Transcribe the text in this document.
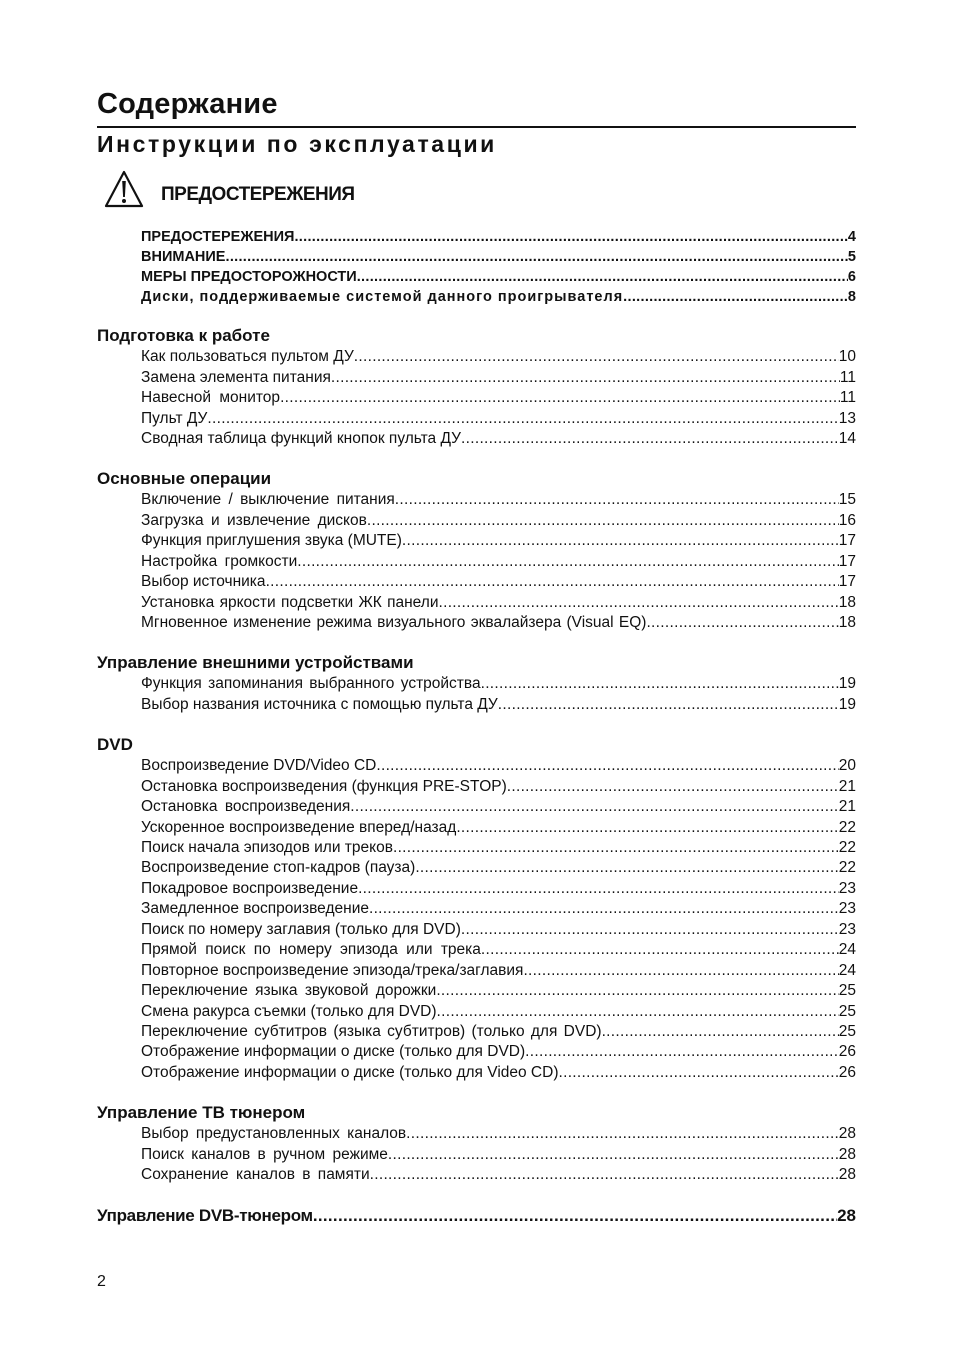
Содержание
Инструкции по эксплуатации
ПРЕДОСТЕРЕЖЕНИЯ
ПРЕДОСТЕРЕЖЕНИЯ .....	4
ВНИМАНИЕ .....	5
МЕРЫ ПРЕДОСТОРОЖНОСТИ .....	6
Диски, поддерживаемые системой данного проигрывателя .....	8
Подготовка к работе
Как пользоваться пультом ДУ .....	10
Замена элемента питания .....	11
Навесной монитор .....	11
Пульт ДУ .....	13
Сводная таблица функций кнопок пульта ДУ .....	14
Основные операции
Включение / выключение питания .....	15
Загрузка и извлечение дисков .....	16
Функция приглушения звука (MUTE) .....	17
Настройка громкости .....	17
Выбор источника .....	17
Установка яркости подсветки ЖК панели .....	18
Мгновенное изменение режима визуального эквалайзера (Visual EQ) .....	18
Управление внешними устройствами
Функция запоминания выбранного устройства .....	19
Выбор названия источника с помощью пульта ДУ .....	19
DVD
Воспроизведение DVD/Video CD .....	20
Остановка воспроизведения (функция PRE-STOP) .....	21
Остановка воспроизведения .....	21
Ускоренное воспроизведение вперед/назад .....	22
Поиск начала эпизодов или треков .....	22
Воспроизведение стоп-кадров (пауза) .....	22
Покадровое воспроизведение .....	23
Замедленное воспроизведение .....	23
Поиск по номеру заглавия (только для DVD) .....	23
Прямой поиск по номеру эпизода или трека .....	24
Повторное воспроизведение эпизода/трека/заглавия .....	24
Переключение языка звуковой дорожки .....	25
Смена ракурса съемки (только для DVD) .....	25
Переключение субтитров (языка субтитров) (только для DVD) .....	25
Отображение информации о диске (только для DVD) .....	26
Отображение информации о диске (только для Video CD) .....	26
Управление ТВ тюнером
Выбор предустановленных каналов .....	28
Поиск каналов в ручном режиме .....	28
Сохранение каналов в памяти .....	28
Управление DVB-тюнером .....	28
2
